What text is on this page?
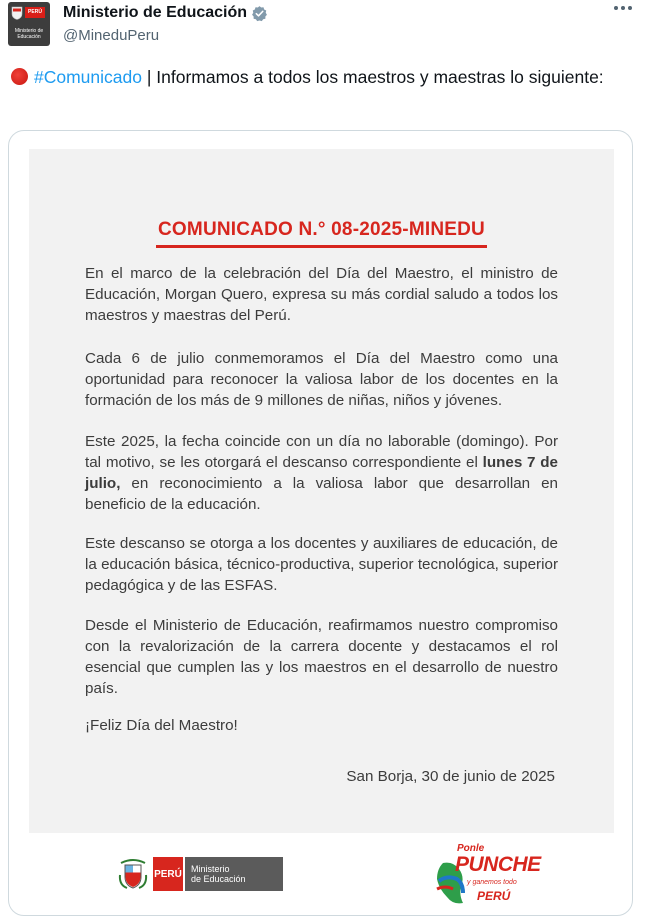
PERÚ
Ministerio de
Educación
Ministerio de Educación
@MineduPeru
#Comunicado | Informamos a todos los maestros y maestras lo siguiente:
COMUNICADO N.° 08-2025-MINEDU
En el marco de la celebración del Día del Maestro, el ministro de Educación, Morgan Quero, expresa su más cordial saludo a todos los maestros y maestras del Perú.
Cada 6 de julio conmemoramos el Día del Maestro como una oportunidad para reconocer la valiosa labor de los docentes en la formación de los más de 9 millones de niñas, niños y jóvenes.
Este 2025, la fecha coincide con un día no laborable (domingo). Por tal motivo, se les otorgará el descanso correspondiente el lunes 7 de julio, en reconocimiento a la valiosa labor que desarrollan en beneficio de la educación.
Este descanso se otorga a los docentes y auxiliares de educación, de la educación básica, técnico-productiva, superior tecnológica, superior pedagógica y de las ESFAS.
Desde el Ministerio de Educación, reafirmamos nuestro compromiso con la revalorización de la carrera docente y destacamos el rol esencial que cumplen las y los maestros en el desarrollo de nuestro país.
¡Feliz Día del Maestro!
San Borja, 30 de junio de 2025
PERÚ Ministerio
de Educación
Ponle
PUNCHE
y ganemos todo
PERÚ
